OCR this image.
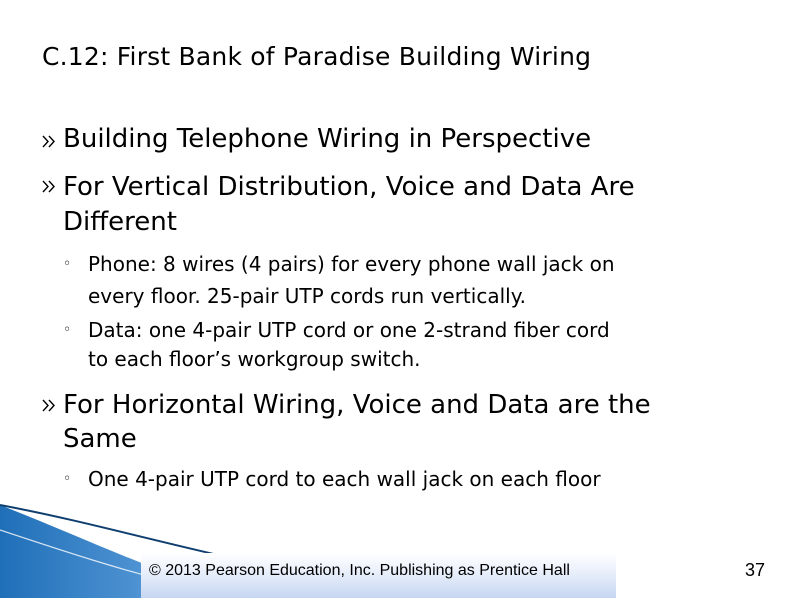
C.12: First Bank of Paradise Building Wiring
Building Telephone Wiring in Perspective
For Vertical Distribution, Voice and Data Are
Different
◦ Phone: 8 wires (4 pairs) for every phone wall jack on
every floor. 25-pair UTP cords run vertically.
◦ Data: one 4-pair UTP cord or one 2-strand fiber cord
to each floor’s workgroup switch.
For Horizontal Wiring, Voice and Data are the
Same
◦ One 4-pair UTP cord to each wall jack on each floor
© 2013 Pearson Education, Inc. Publishing as Prentice Hall	37
